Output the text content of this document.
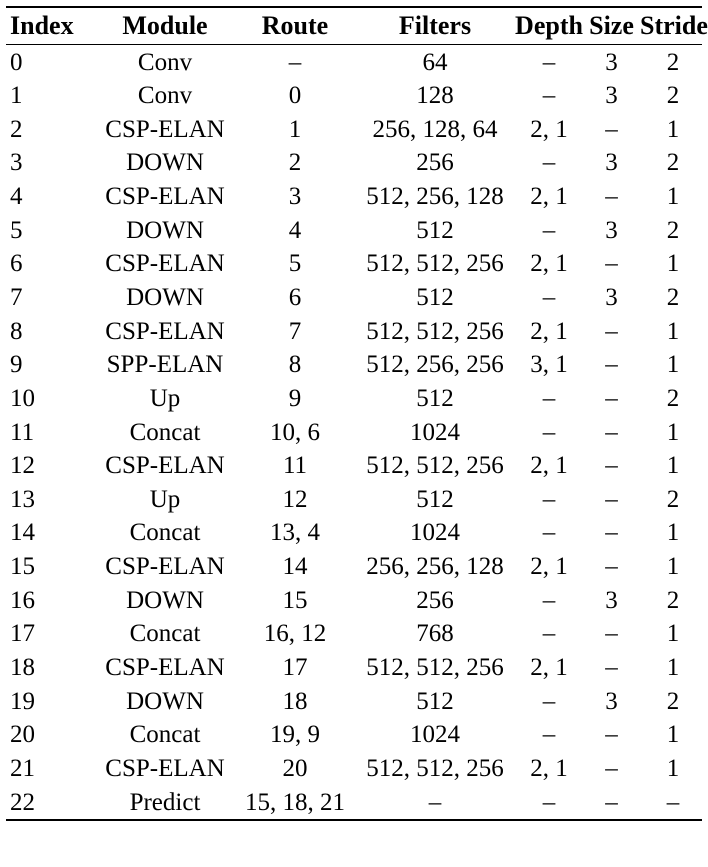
Index	Module	Route	Filters	Depth	Size	Stride
0	Conv	–	64	–	3	2
1	Conv	0	128	–	3	2
2	CSP-ELAN	1	256, 128, 64	2, 1	–	1
3	DOWN	2	256	–	3	2
4	CSP-ELAN	3	512, 256, 128	2, 1	–	1
5	DOWN	4	512	–	3	2
6	CSP-ELAN	5	512, 512, 256	2, 1	–	1
7	DOWN	6	512	–	3	2
8	CSP-ELAN	7	512, 512, 256	2, 1	–	1
9	SPP-ELAN	8	512, 256, 256	3, 1	–	1
10	Up	9	512	–	–	2
11	Concat	10, 6	1024	–	–	1
12	CSP-ELAN	11	512, 512, 256	2, 1	–	1
13	Up	12	512	–	–	2
14	Concat	13, 4	1024	–	–	1
15	CSP-ELAN	14	256, 256, 128	2, 1	–	1
16	DOWN	15	256	–	3	2
17	Concat	16, 12	768	–	–	1
18	CSP-ELAN	17	512, 512, 256	2, 1	–	1
19	DOWN	18	512	–	3	2
20	Concat	19, 9	1024	–	–	1
21	CSP-ELAN	20	512, 512, 256	2, 1	–	1
22	Predict	15, 18, 21	–	–	–	–
